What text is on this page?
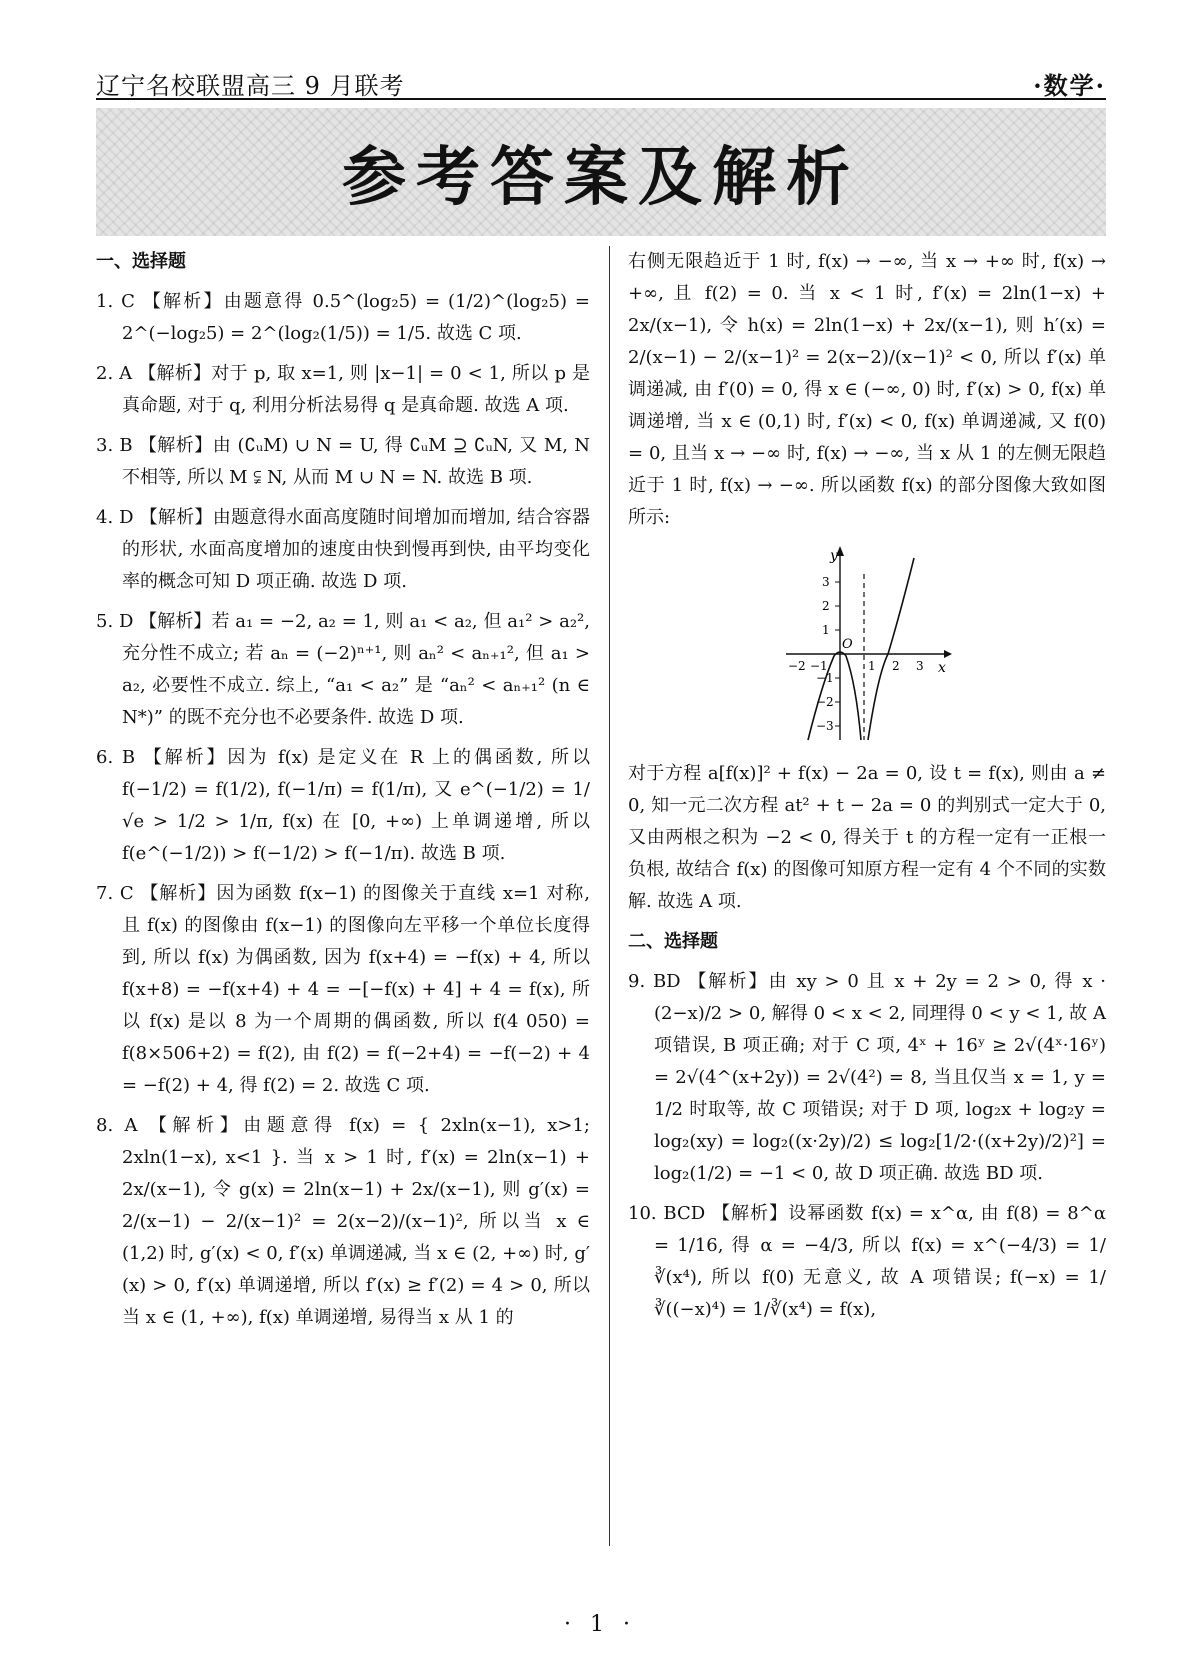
辽宁名校联盟高三 9 月联考	·数学·
参考答案及解析

一、选择题

1. C 【解析】由题意得 0.5^(log₂5) = (1/2)^(log₂5) = 2^(−log₂5) = 2^(log₂(1/5)) = 1/5. 故选 C 项.

2. A 【解析】对于 p, 取 x=1, 则 |x−1| = 0 < 1, 所以 p 是真命题, 对于 q, 利用分析法易得 q 是真命题. 故选 A 项.

3. B 【解析】由 (∁ᵤM) ∪ N = U, 得 ∁ᵤM ⊇ ∁ᵤN, 又 M, N 不相等, 所以 M ⫋ N, 从而 M ∪ N = N. 故选 B 项.

4. D 【解析】由题意得水面高度随时间增加而增加, 结合容器的形状, 水面高度增加的速度由快到慢再到快, 由平均变化率的概念可知 D 项正确. 故选 D 项.

5. D 【解析】若 a₁ = −2, a₂ = 1, 则 a₁ < a₂, 但 a₁² > a₂², 充分性不成立; 若 aₙ = (−2)ⁿ⁺¹, 则 aₙ² < aₙ₊₁², 但 a₁ > a₂, 必要性不成立. 综上, “a₁ < a₂” 是 “aₙ² < aₙ₊₁² (n ∈ N*)” 的既不充分也不必要条件. 故选 D 项.

6. B 【解析】因为 f(x) 是定义在 R 上的偶函数, 所以 f(−1/2) = f(1/2), f(−1/π) = f(1/π), 又 e^(−1/2) = 1/√e > 1/2 > 1/π, f(x) 在 [0, +∞) 上单调递增, 所以 f(e^(−1/2)) > f(−1/2) > f(−1/π). 故选 B 项.

7. C 【解析】因为函数 f(x−1) 的图像关于直线 x=1 对称, 且 f(x) 的图像由 f(x−1) 的图像向左平移一个单位长度得到, 所以 f(x) 为偶函数, 因为 f(x+4) = −f(x) + 4, 所以 f(x+8) = −f(x+4) + 4 = −[−f(x) + 4] + 4 = f(x), 所以 f(x) 是以 8 为一个周期的偶函数, 所以 f(4 050) = f(8×506+2) = f(2), 由 f(2) = f(−2+4) = −f(−2) + 4 = −f(2) + 4, 得 f(2) = 2. 故选 C 项.

8. A 【解析】由题意得 f(x) = { 2xln(x−1), x>1; 2xln(1−x), x<1 }. 当 x > 1 时, f′(x) = 2ln(x−1) + 2x/(x−1), 令 g(x) = 2ln(x−1) + 2x/(x−1), 则 g′(x) = 2/(x−1) − 2/(x−1)² = 2(x−2)/(x−1)², 所以当 x ∈ (1,2) 时, g′(x) < 0, f′(x) 单调递减, 当 x ∈ (2, +∞) 时, g′(x) > 0, f′(x) 单调递增, 所以 f′(x) ≥ f′(2) = 4 > 0, 所以当 x ∈ (1, +∞), f(x) 单调递增, 易得当 x 从 1 的

右侧无限趋近于 1 时, f(x) → −∞, 当 x → +∞ 时, f(x) → +∞, 且 f(2) = 0. 当 x < 1 时, f′(x) = 2ln(1−x) + 2x/(x−1), 令 h(x) = 2ln(1−x) + 2x/(x−1), 则 h′(x) = 2/(x−1) − 2/(x−1)² = 2(x−2)/(x−1)² < 0, 所以 f′(x) 单调递减, 由 f′(0) = 0, 得 x ∈ (−∞, 0) 时, f′(x) > 0, f(x) 单调递增, 当 x ∈ (0,1) 时, f′(x) < 0, f(x) 单调递减, 又 f(0) = 0, 且当 x → −∞ 时, f(x) → −∞, 当 x 从 1 的左侧无限趋近于 1 时, f(x) → −∞. 所以函数 f(x) 的部分图像大致如图所示:

y
x
O
3
2
1
−1
−2
−3
−2 −1	1 2 3

对于方程 a[f(x)]² + f(x) − 2a = 0, 设 t = f(x), 则由 a ≠ 0, 知一元二次方程 at² + t − 2a = 0 的判别式一定大于 0, 又由两根之积为 −2 < 0, 得关于 t 的方程一定有一正根一负根, 故结合 f(x) 的图像可知原方程一定有 4 个不同的实数解. 故选 A 项.

二、选择题

9. BD 【解析】由 xy > 0 且 x + 2y = 2 > 0, 得 x · (2−x)/2 > 0, 解得 0 < x < 2, 同理得 0 < y < 1, 故 A 项错误, B 项正确; 对于 C 项, 4ˣ + 16ʸ ≥ 2√(4ˣ·16ʸ) = 2√(4^(x+2y)) = 2√(4²) = 8, 当且仅当 x = 1, y = 1/2 时取等, 故 C 项错误; 对于 D 项, log₂x + log₂y = log₂(xy) = log₂((x·2y)/2) ≤ log₂[1/2·((x+2y)/2)²] = log₂(1/2) = −1 < 0, 故 D 项正确. 故选 BD 项.

10. BCD 【解析】设幂函数 f(x) = x^α, 由 f(8) = 8^α = 1/16, 得 α = −4/3, 所以 f(x) = x^(−4/3) = 1/∛(x⁴), 所以 f(0) 无意义, 故 A 项错误; f(−x) = 1/∛((−x)⁴) = 1/∛(x⁴) = f(x),

· 1 ·
